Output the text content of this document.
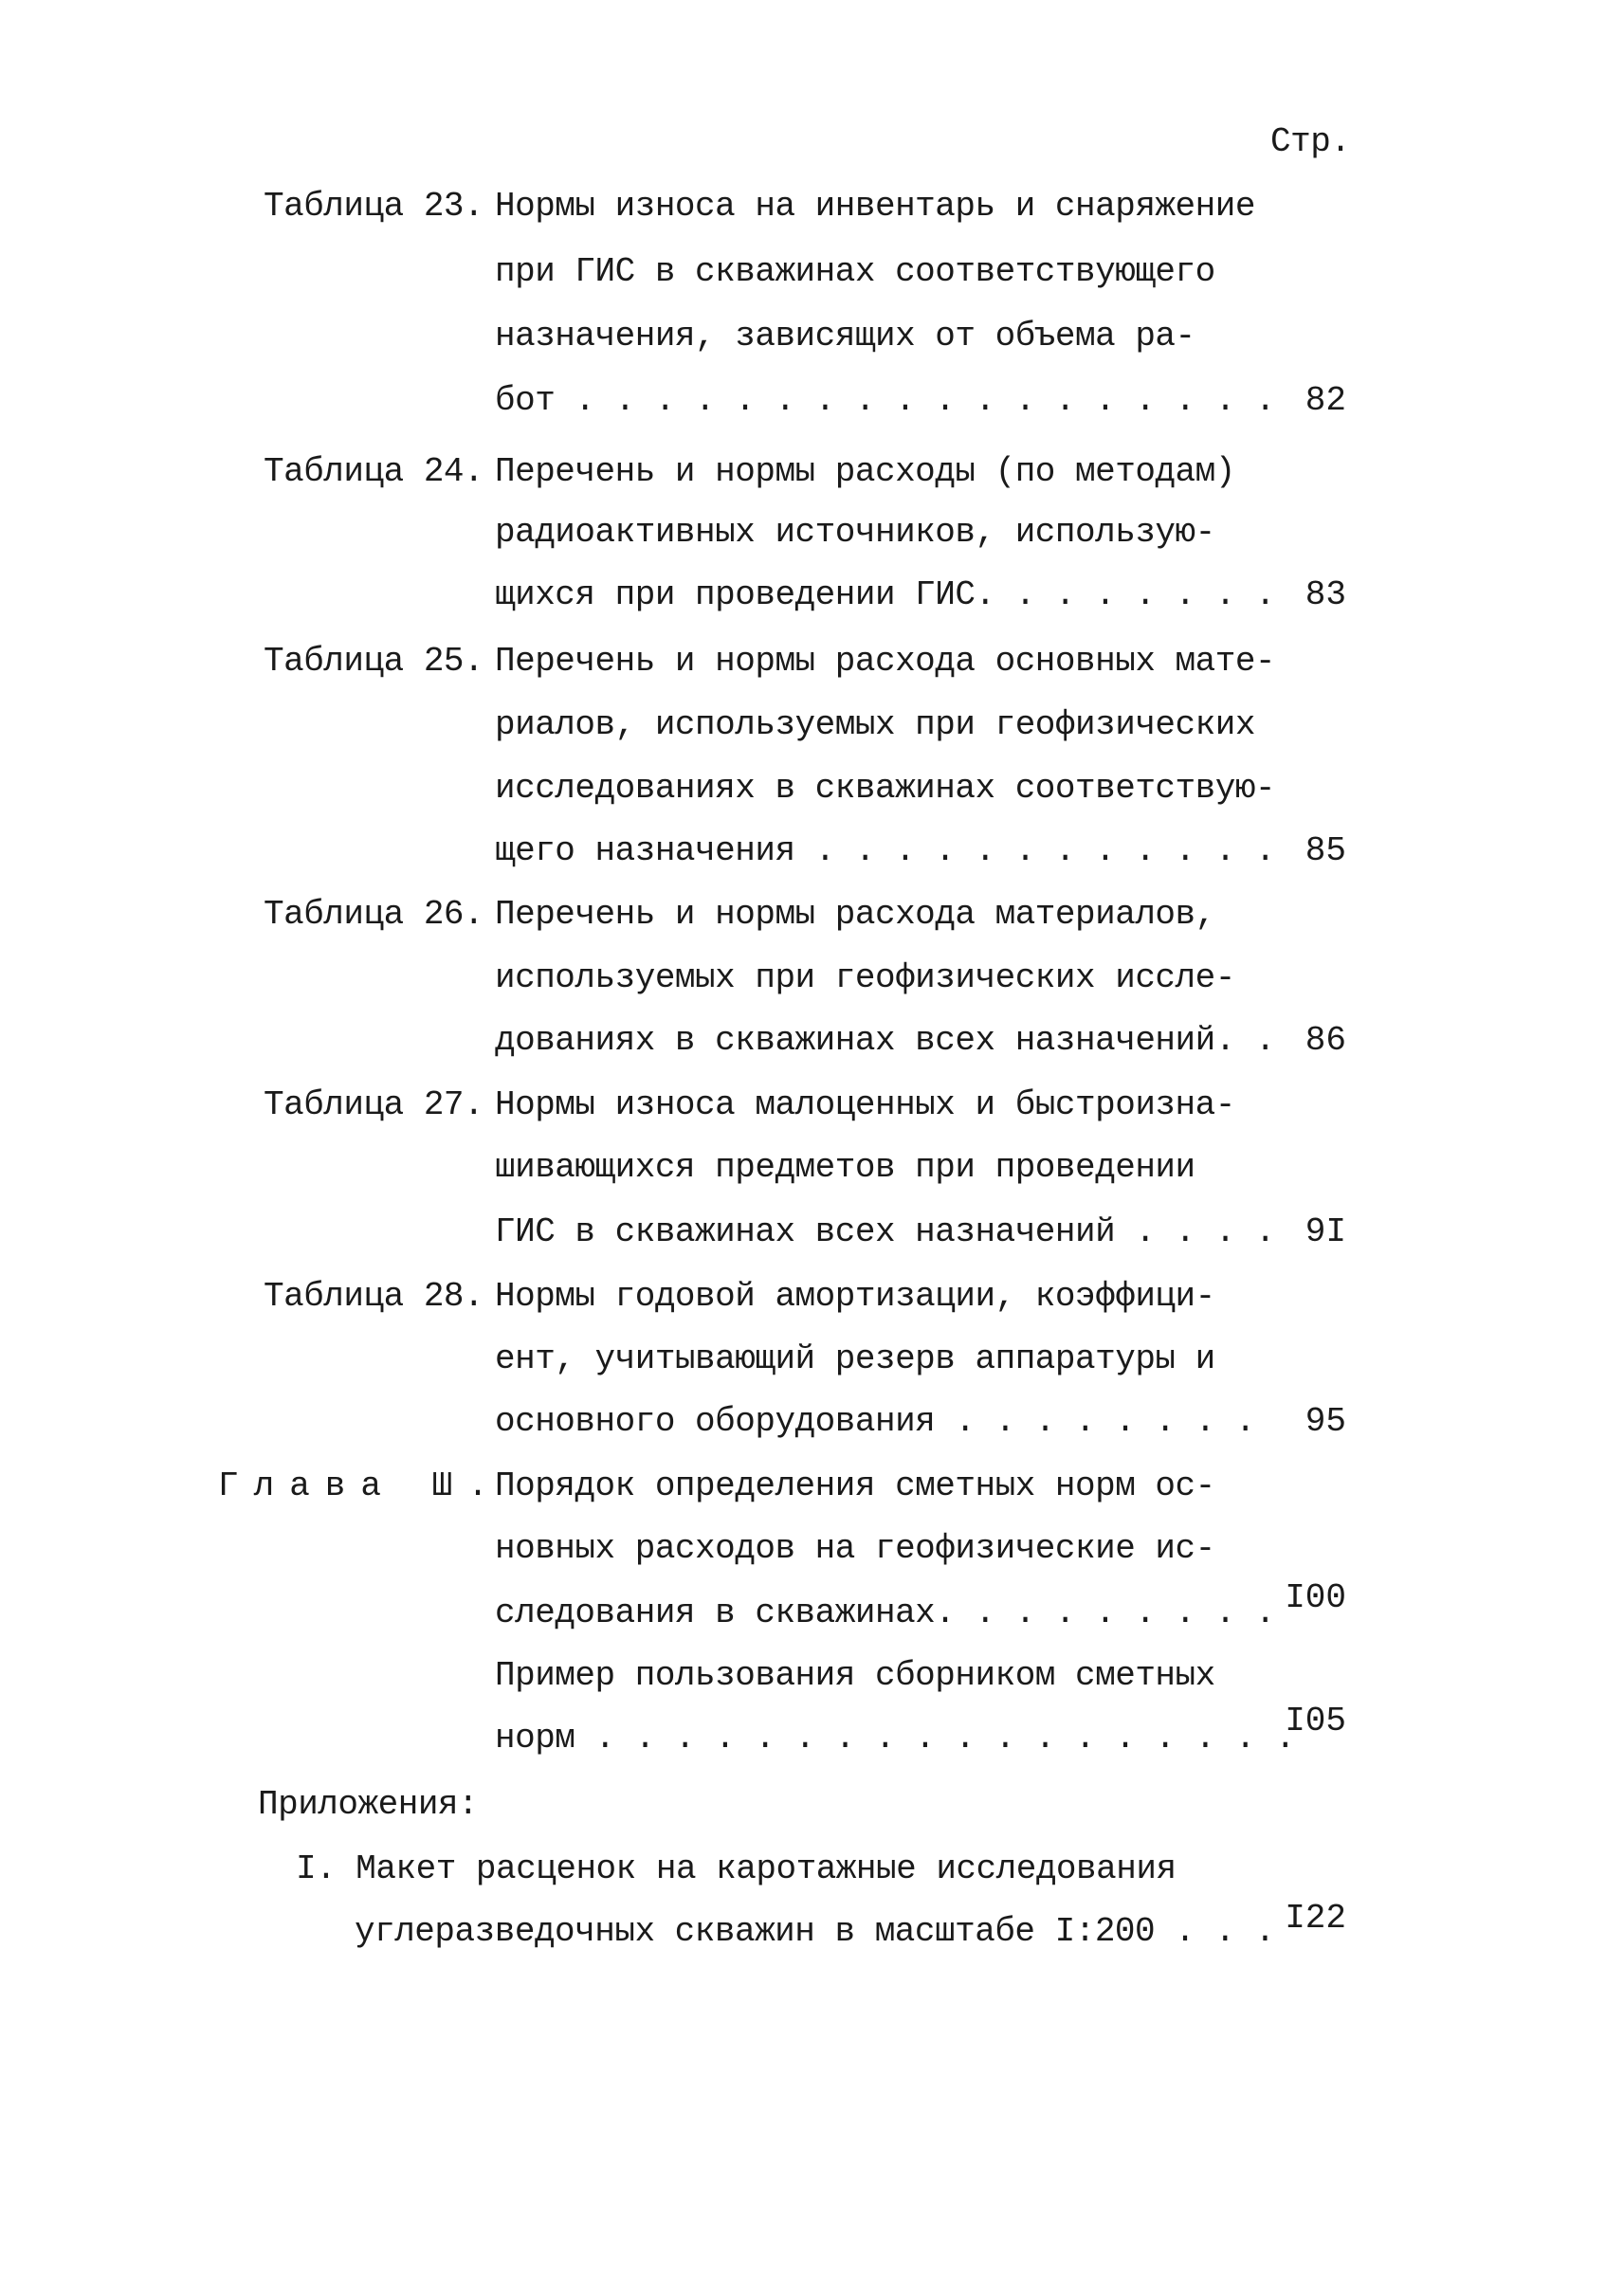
Стр.
Таблица 23. Нормы износа на инвентарь и снаряжение
при ГИС в скважинах соответствующего
назначения, зависящих от объема ра-
бот . . . . . . . . . . . . . . . . . . 82
Таблица 24. Перечень и нормы расходы (по методам)
радиоактивных источников, использую-
щихся при проведении ГИС. . . . . . . . 83
Таблица 25. Перечень и нормы расхода основных мате-
риалов, используемых при геофизических
исследованиях в скважинах соответствую-
щего назначения . . . . . . . . . . . . 85
Таблица 26. Перечень и нормы расхода материалов,
используемых при геофизических иссле-
дованиях в скважинах всех назначений. . 86
Таблица 27. Нормы износа малоценных и быстроизна-
шивающихся предметов при проведении
ГИС в скважинах всех назначений . . . . 9I
Таблица 28. Нормы годовой амортизации, коэффици-
ент, учитывающий резерв аппаратуры и
основного оборудования . . . . . . . .	95
Глава Ш.
Порядок определения сметных норм ос-
новных расходов на геофизические ис-
следования в скважинах. . . . . . . . . I00
Пример пользования сборником сметных
норм . . . . . . . . . . . . . . . . . .
I05
Приложения:
I. Макет расценок на каротажные исследования
углеразведочных скважин в масштабе I:200 . . . I22
